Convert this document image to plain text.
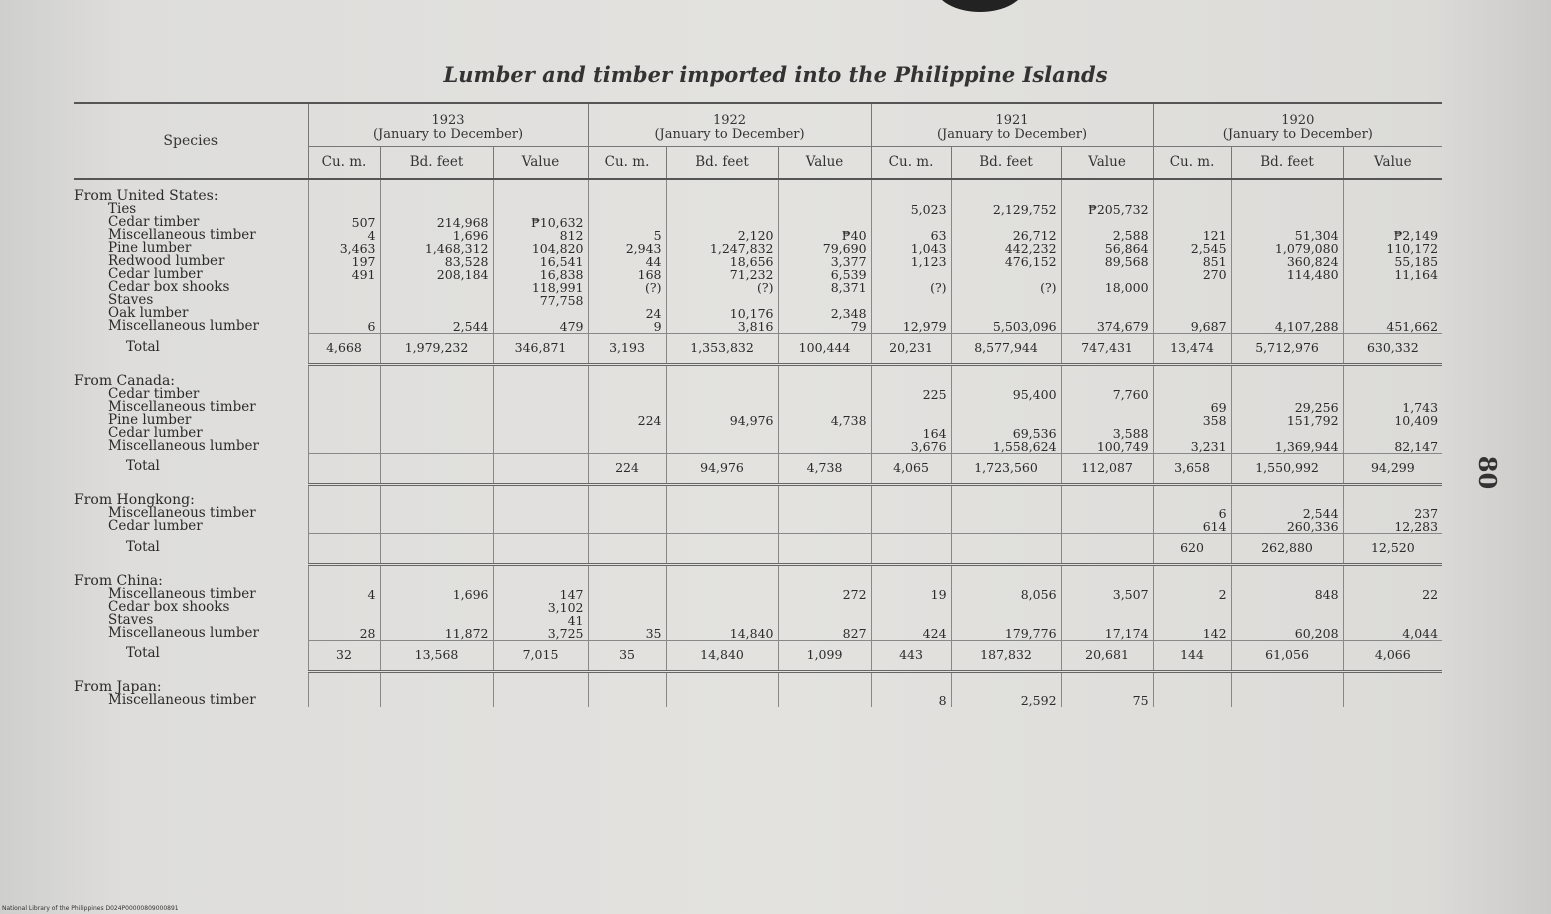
Lumber and timber imported into the Philippine Islands
80
National Library of the Philippines D024P00000809000891
Species	1923
(January to December)			1922
(January to December)			1921
(January to December)			1920
(January to December)		
	Cu. m.	Bd. feet	Value	Cu. m.	Bd. feet	Value	Cu. m.	Bd. feet	Value	Cu. m.	Bd. feet	Value
From United States:												
Ties							5,023	2,129,752	₱205,732			
Cedar timber	507	214,968	₱10,632									
Miscellaneous timber	4	1,696	812	5	2,120	₱40	63	26,712	2,588	121	51,304	₱2,149
Pine lumber	3,463	1,468,312	104,820	2,943	1,247,832	79,690	1,043	442,232	56,864	2,545	1,079,080	110,172
Redwood lumber	197	83,528	16,541	44	18,656	3,377	1,123	476,152	89,568	851	360,824	55,185
Cedar lumber	491	208,184	16,838	168	71,232	6,539				270	114,480	11,164
Cedar box shooks			118,991	(?)	(?)	8,371	(?)	(?)	18,000			
Staves			77,758									
Oak lumber				24	10,176	2,348						
Miscellaneous lumber	6	2,544	479	9	3,816	79	12,979	5,503,096	374,679	9,687	4,107,288	451,662
Total	4,668	1,979,232	346,871	3,193	1,353,832	100,444	20,231	8,577,944	747,431	13,474	5,712,976	630,332
From Canada:												
Cedar timber							225	95,400	7,760			
Miscellaneous timber										69	29,256	1,743
Pine lumber				224	94,976	4,738				358	151,792	10,409
Cedar lumber							164	69,536	3,588			
Miscellaneous lumber							3,676	1,558,624	100,749	3,231	1,369,944	82,147
Total				224	94,976	4,738	4,065	1,723,560	112,087	3,658	1,550,992	94,299
From Hongkong:												
Miscellaneous timber										6	2,544	237
Cedar lumber										614	260,336	12,283
Total										620	262,880	12,520
From China:												
Miscellaneous timber	4	1,696	147			272	19	8,056	3,507	2	848	22
Cedar box shooks			3,102									
Staves			41									
Miscellaneous lumber	28	11,872	3,725	35	14,840	827	424	179,776	17,174	142	60,208	4,044
Total	32	13,568	7,015	35	14,840	1,099	443	187,832	20,681	144	61,056	4,066
From Japan:												
Miscellaneous timber							8	2,592	75			
